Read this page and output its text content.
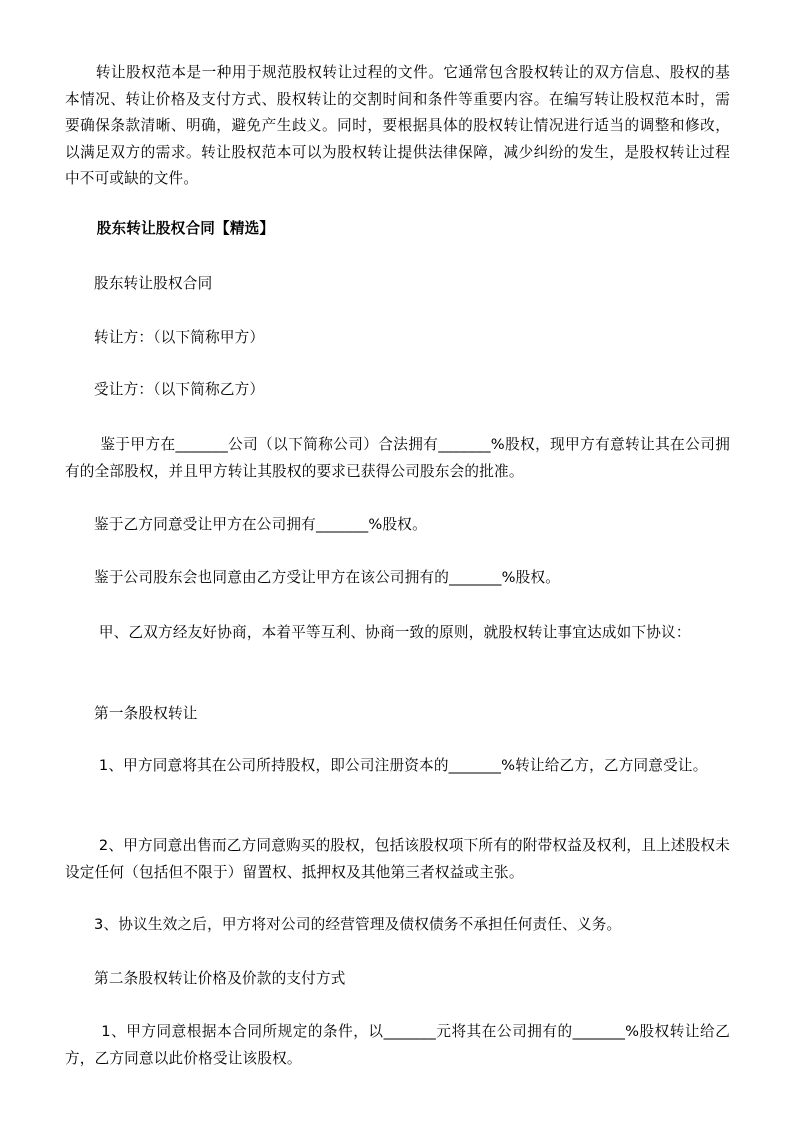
转让股权范本是一种用于规范股权转让过程的文件。它通常包含股权转让的双方信息、股权的基本情况、转让价格及支付方式、股权转让的交割时间和条件等重要内容。在编写转让股权范本时，需要确保条款清晰、明确，避免产生歧义。同时，要根据具体的股权转让情况进行适当的调整和修改，以满足双方的需求。转让股权范本可以为股权转让提供法律保障，减少纠纷的发生，是股权转让过程中不可或缺的文件。
股东转让股权合同【精选】
股东转让股权合同
转让方：（以下简称甲方）
受让方：（以下简称乙方）
鉴于甲方在_______公司（以下简称公司）合法拥有_______%股权，现甲方有意转让其在公司拥有的全部股权，并且甲方转让其股权的要求已获得公司股东会的批准。
鉴于乙方同意受让甲方在公司拥有_______%股权。
鉴于公司股东会也同意由乙方受让甲方在该公司拥有的_______%股权。
甲、乙双方经友好协商，本着平等互利、协商一致的原则，就股权转让事宜达成如下协议：
第一条股权转让
1、甲方同意将其在公司所持股权，即公司注册资本的_______%转让给乙方，乙方同意受让。
2、甲方同意出售而乙方同意购买的股权，包括该股权项下所有的附带权益及权利，且上述股权未设定任何（包括但不限于）留置权、抵押权及其他第三者权益或主张。
3、协议生效之后，甲方将对公司的经营管理及债权债务不承担任何责任、义务。
第二条股权转让价格及价款的支付方式
1、甲方同意根据本合同所规定的条件，以_______元将其在公司拥有的_______%股权转让给乙方，乙方同意以此价格受让该股权。
